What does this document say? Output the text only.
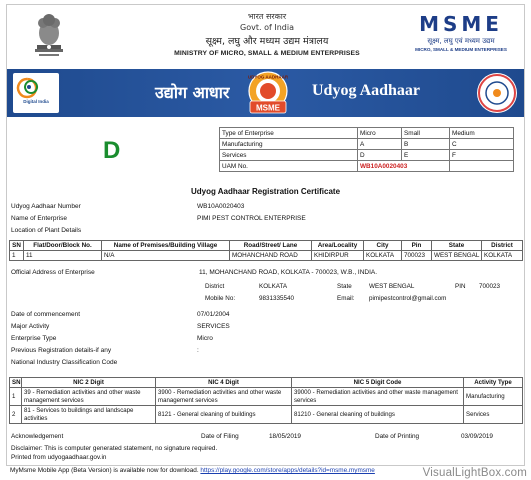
भारत सरकार
Govt. of India
सूक्ष्म, लघु और मध्यम उद्यम मंत्रालय
MINISTRY OF MICRO, SMALL & MEDIUM ENTERPRISES
MSME
सूक्ष्म, लघु एवं मध्यम उद्यम
MICRO, SMALL & MEDIUM ENTERPRISES
Digital India	उद्योग आधार
UDYOG AADHAAR
MSME
Udyog Aadhaar
D
Type of Enterprise	Micro	Small	Medium
Manufacturing	A	B	C
Services	D	E	F
UAM No.	WB10A0020403		
Udyog Aadhaar Registration Certificate
Udyog Aadhaar Number	WB10A0020403
Name of Enterprise	PIMI PEST CONTROL ENTERPRISE
Location of Plant Details
SN	Flat/Door/Block No.	Name of Premises/Building Village	Road/Street/ Lane	Area/Locality	City	Pin	State	District
1	11	N/A	MOHANCHAND ROAD	KHIDIRPUR	KOLKATA	700023	WEST BENGAL	KOLKATA
Official Address of Enterprise	11, MOHANCHAND ROAD, KOLKATA - 700023, W.B., INDIA.
District	KOLKATA	State	WEST BENGAL	PIN 700023
Mobile No:	9831335540	Email: pimipestcontrol@gmail.com
Date of commencement	07/01/2004
Major Activity	SERVICES
Enterprise Type	Micro
Previous Registration details-if any	:
National Industry Classification Code
SN	NIC 2 Digit	NIC 4 Digit	NIC 5 Digit Code	Activity Type
1	39 - Remediation activities and other waste management services	3900 - Remediation activities and other waste management services	39000 - Remediation activities and other waste management services	Manufacturing
2	81 - Services to buildings and landscape activities	8121 - General cleaning of buildings	81210 - General cleaning of buildings	Services
Acknowledgement	Date of Filing	18/05/2019	Date of Printing	03/09/2019
Disclaimer: This is computer generated statement, no signature required.
Printed from udyogaadhaar.gov.in
MyMsme Mobile App (Beta Version) is available now for download. https://play.google.com/store/apps/details?id=msme.mymsme	VisualLightBox.com
